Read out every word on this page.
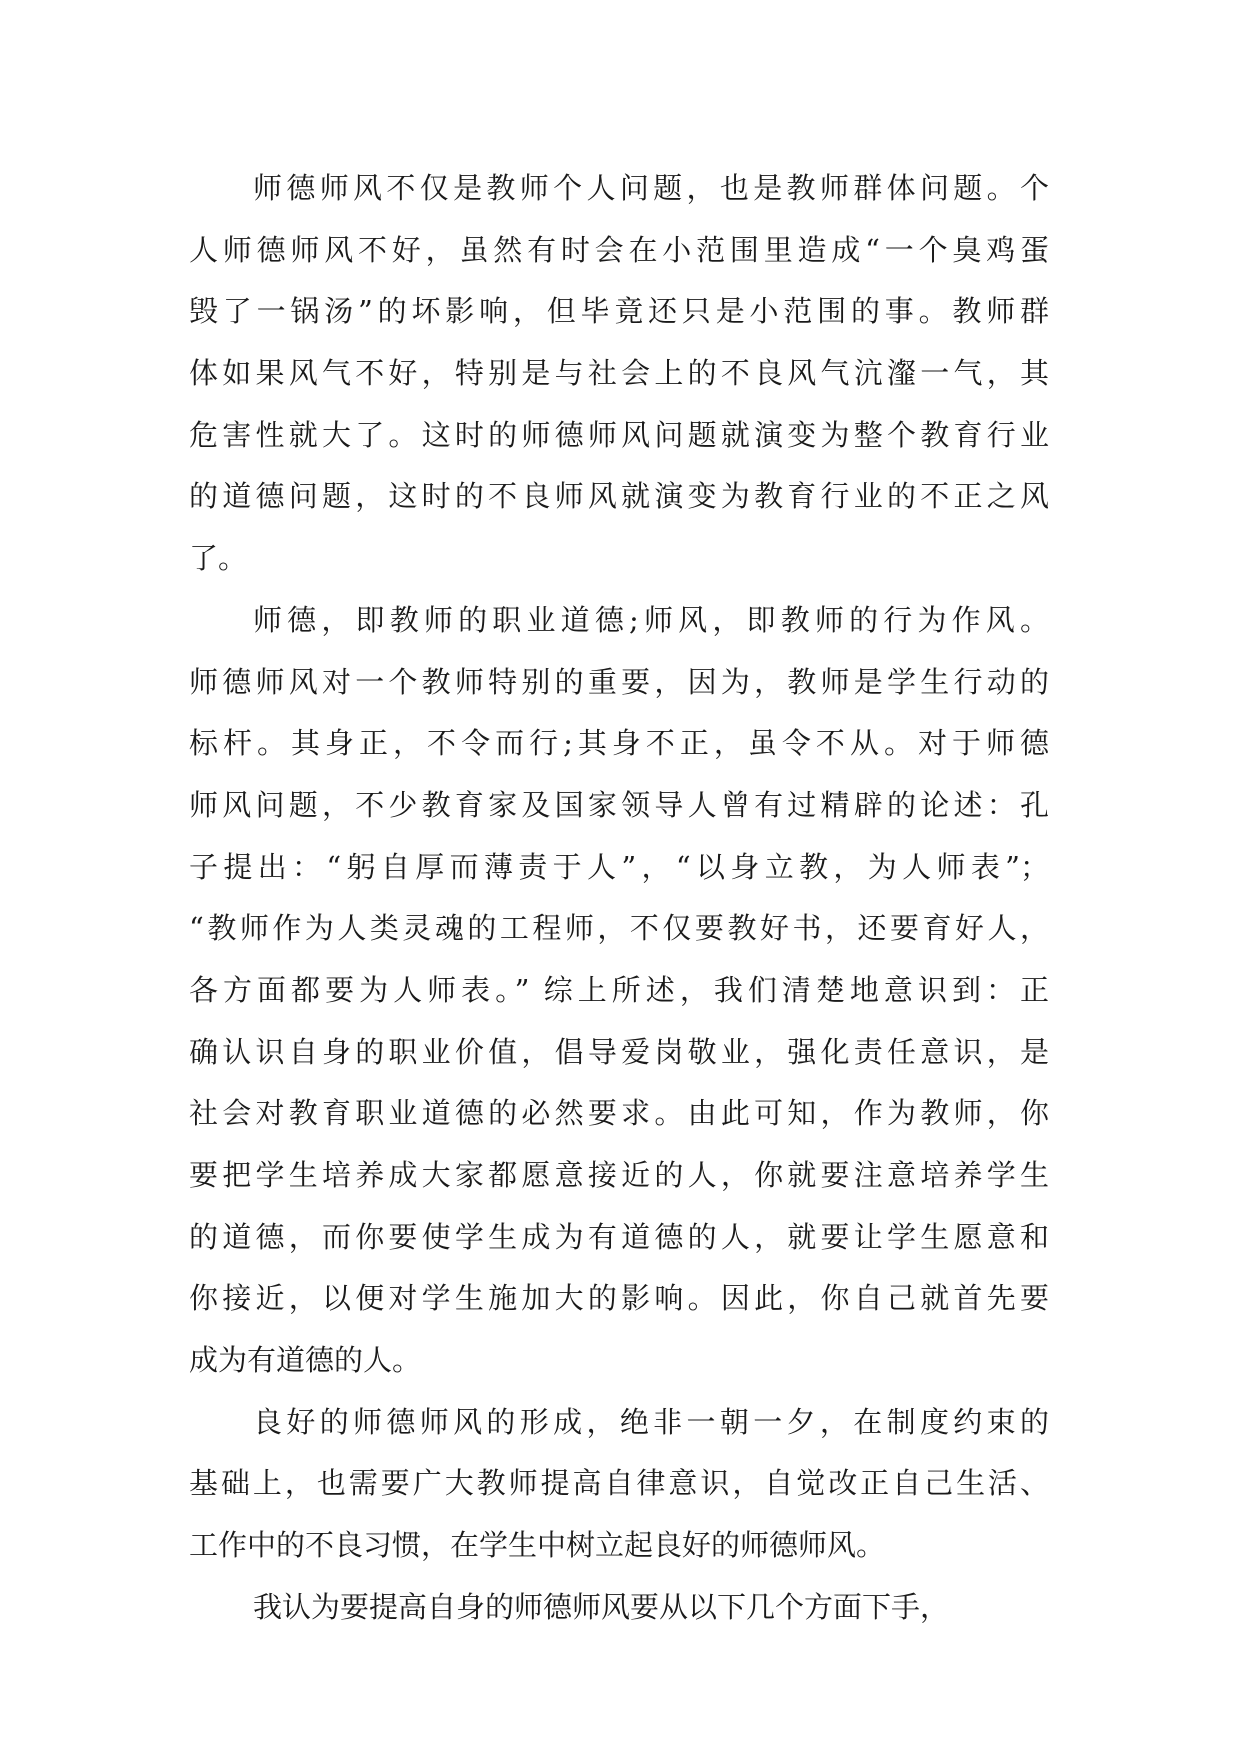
师德师风不仅是教师个人问题，也是教师群体问题。个
人师德师风不好，虽然有时会在小范围里造成“一个臭鸡蛋
毁了一锅汤”的坏影响，但毕竟还只是小范围的事。教师群
体如果风气不好，特别是与社会上的不良风气沆瀣一气，其
危害性就大了。这时的师德师风问题就演变为整个教育行业
的道德问题，这时的不良师风就演变为教育行业的不正之风
了。
师德，即教师的职业道德;师风，即教师的行为作风。
师德师风对一个教师特别的重要，因为，教师是学生行动的
标杆。其身正，不令而行;其身不正，虽令不从。对于师德
师风问题，不少教育家及国家领导人曾有过精辟的论述：孔
子提出：“躬自厚而薄责于人”，“以身立教，为人师表”；
“教师作为人类灵魂的工程师，不仅要教好书，还要育好人，
各方面都要为人师表。” 综上所述，我们清楚地意识到：正
确认识自身的职业价值，倡导爱岗敬业，强化责任意识，是
社会对教育职业道德的必然要求。由此可知，作为教师，你
要把学生培养成大家都愿意接近的人，你就要注意培养学生
的道德，而你要使学生成为有道德的人，就要让学生愿意和
你接近，以便对学生施加大的影响。因此，你自己就首先要
成为有道德的人。
良好的师德师风的形成，绝非一朝一夕，在制度约束的
基础上，也需要广大教师提高自律意识，自觉改正自己生活、
工作中的不良习惯，在学生中树立起良好的师德师风。
我认为要提高自身的师德师风要从以下几个方面下手，
